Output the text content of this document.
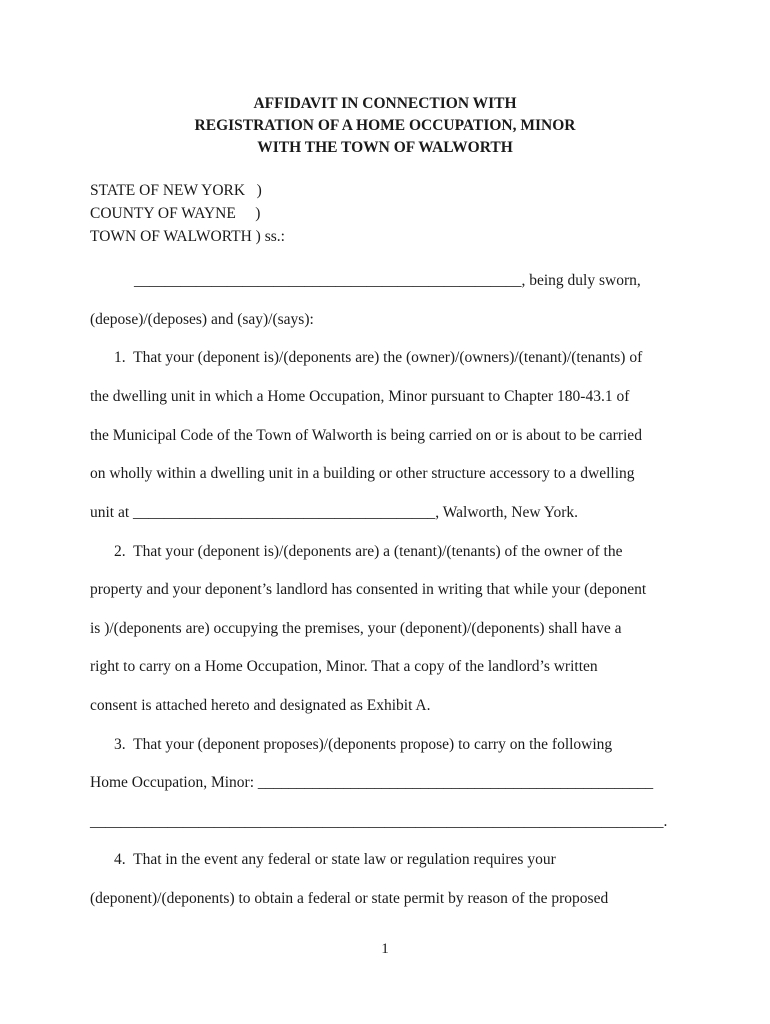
AFFIDAVIT IN CONNECTION WITH
REGISTRATION OF A HOME OCCUPATION, MINOR
WITH THE TOWN OF WALWORTH
STATE OF NEW YORK   )
COUNTY OF WAYNE     )
TOWN OF WALWORTH ) ss.:
__________________________________________________, being duly sworn,
(depose)/(deposes) and (say)/(says):
1.  That your (deponent is)/(deponents are) the (owner)/(owners)/(tenant)/(tenants) of
the dwelling unit in which a Home Occupation, Minor pursuant to Chapter 180-43.1 of
the Municipal Code of the Town of Walworth is being carried on or is about to be carried
on wholly within a dwelling unit in a building or other structure accessory to a dwelling
unit at _______________________________________, Walworth, New York.
2.  That your (deponent is)/(deponents are) a (tenant)/(tenants) of the owner of the
property and your deponent’s landlord has consented in writing that while your (deponent
is )/(deponents are) occupying the premises, your (deponent)/(deponents) shall have a
right to carry on a Home Occupation, Minor. That a copy of the landlord’s written
consent is attached hereto and designated as Exhibit A.
3.  That your (deponent proposes)/(deponents propose) to carry on the following
Home Occupation, Minor: ___________________________________________________
__________________________________________________________________________.
4.  That in the event any federal or state law or regulation requires your
(deponent)/(deponents) to obtain a federal or state permit by reason of the proposed
1
